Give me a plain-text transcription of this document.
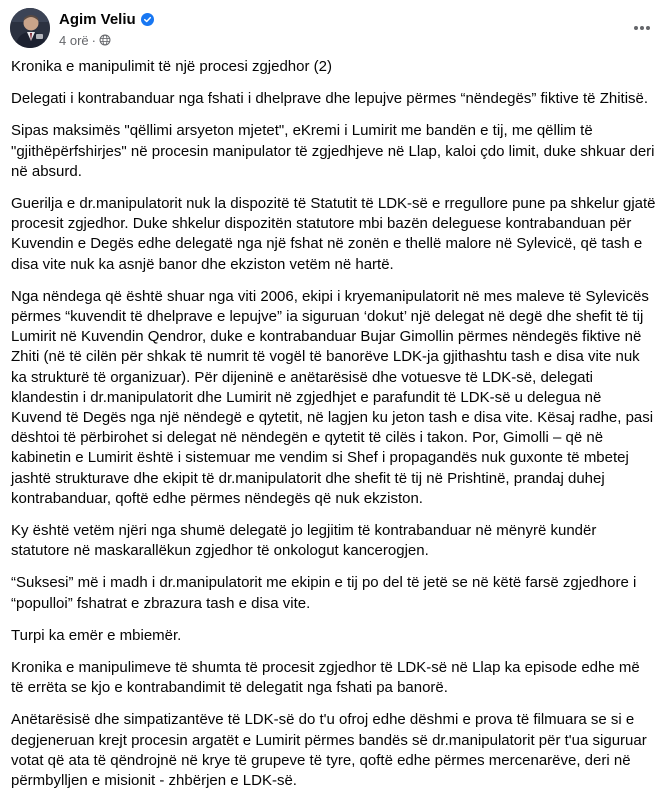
Agim Veliu
4 orë ·

Kronika e manipulimit të një procesi zgjedhor (2)

Delegati i kontrabanduar nga fshati i dhelprave dhe lepujve përmes “nëndegës” fiktive të Zhitisë.

Sipas maksimës "qëllimi arsyeton mjetet", eKremi i Lumirit me bandën e tij, me qëllim të "gjithëpërfshirjes" në procesin manipulator të zgjedhjeve në Llap, kaloi çdo limit, duke shkuar deri në absurd.

Guerilja e dr.manipulatorit nuk la dispozitë të Statutit të LDK-së e rregullore pune pa shkelur gjatë procesit zgjedhor. Duke shkelur dispozitën statutore mbi bazën deleguese kontrabanduan për Kuvendin e Degës edhe delegatë nga një fshat në zonën e thellë malore në Sylevicë, që tash e disa vite nuk ka asnjë banor dhe ekziston vetëm në hartë.

Nga nëndega që është shuar nga viti 2006, ekipi i kryemanipulatorit në mes maleve të Sylevicës përmes “kuvendit të dhelprave e lepujve” ia siguruan ‘dokut’ një delegat në degë dhe shefit të tij Lumirit në Kuvendin Qendror, duke e kontrabanduar Bujar Gimollin përmes nëndegës fiktive në Zhiti (në të cilën për shkak të numrit të vogël të banorëve LDK-ja gjithashtu tash e disa vite nuk ka strukturë të organizuar). Për dijeninë e anëtarësisë dhe votuesve të LDK-së, delegati klandestin i dr.manipulatorit dhe Lumirit në zgjedhjet e parafundit të LDK-së u delegua në Kuvend të Degës nga një nëndegë e qytetit, në lagjen ku jeton tash e disa vite. Kësaj radhe, pasi dështoi të përbirohet si delegat në nëndegën e qytetit të cilës i takon. Por, Gimolli – që në kabinetin e Lumirit është i sistemuar me vendim si Shef i propagandës nuk guxonte të mbetej jashtë strukturave dhe ekipit të dr.manipulatorit dhe shefit të tij në Prishtinë, prandaj duhej kontrabanduar, qoftë edhe përmes nëndegës që nuk ekziston.

Ky është vetëm njëri nga shumë delegatë jo legjitim të kontrabanduar në mënyrë kundër statutore në maskarallëkun zgjedhor të onkologut kancerogjen.

“Suksesi” më i madh i dr.manipulatorit me ekipin e tij po del të jetë se në këtë farsë zgjedhore i “populloi” fshatrat e zbrazura tash e disa vite.

Turpi ka emër e mbiemër.

Kronika e manipulimeve të shumta të procesit zgjedhor të LDK-së në Llap ka episode edhe më të errëta se kjo e kontrabandimit të delegatit nga fshati pa banorë.

Anëtarësisë dhe simpatizantëve të LDK-së do t'u ofroj edhe dëshmi e prova të filmuara se si e degjeneruan krejt procesin argatët e Lumirit përmes bandës së dr.manipulatorit për t'ua siguruar votat që ata të qëndrojnë në krye të grupeve të tyre, qoftë edhe përmes mercenarëve, deri në përmbylljen e misionit - zhbërjen e LDK-së.
